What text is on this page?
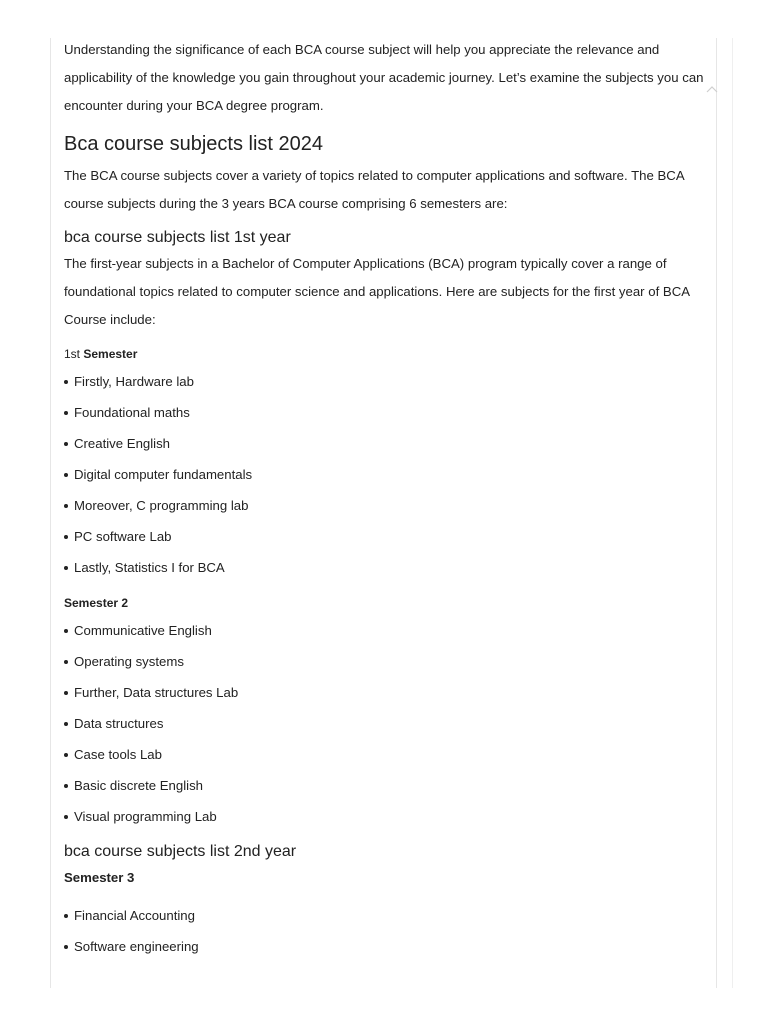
Understanding the significance of each BCA course subject will help you appreciate the relevance and applicability of the knowledge you gain throughout your academic journey. Let’s examine the subjects you can encounter during your BCA degree program.

Bca course subjects list 2024

The BCA course subjects cover a variety of topics related to computer applications and software. The BCA course subjects during the 3 years BCA course comprising 6 semesters are:

bca course subjects list 1st year

The first-year subjects in a Bachelor of Computer Applications (BCA) program typically cover a range of foundational topics related to computer science and applications. Here are subjects for the first year of BCA Course include:

1st Semester
Firstly, Hardware lab
Foundational maths
Creative English
Digital computer fundamentals
Moreover, C programming lab
PC software Lab
Lastly, Statistics I for BCA
Semester 2
Communicative English
Operating systems
Further, Data structures Lab
Data structures
Case tools Lab
Basic discrete English
Visual programming Lab
bca course subjects list 2nd year
Semester 3
Financial Accounting
Software engineering
